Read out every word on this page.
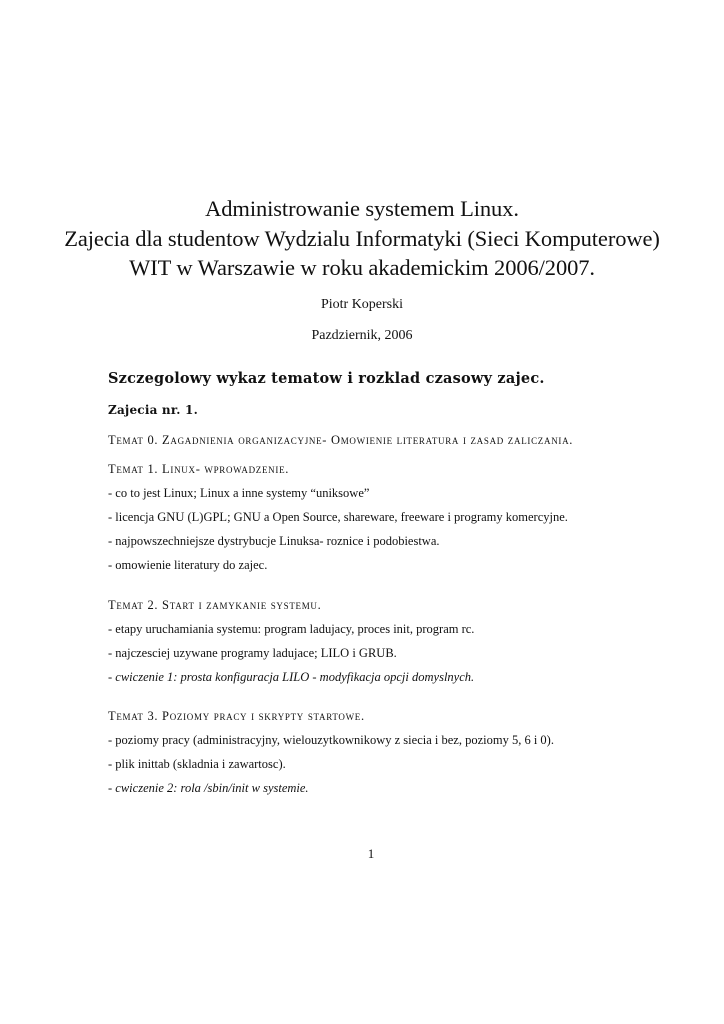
Administrowanie systemem Linux.
Zajecia dla studentow Wydzialu Informatyki (Sieci Komputerowe)
WIT w Warszawie w roku akademickim 2006/2007.
Piotr Koperski
Pazdziernik, 2006
Szczegolowy wykaz tematow i rozklad czasowy zajec.
Zajecia nr. 1.
Temat 0. Zagadnienia organizacyjne- Omowienie literatura i zasad zaliczania.
Temat 1. Linux- wprowadzenie.
- co to jest Linux; Linux a inne systemy “uniksowe”
- licencja GNU (L)GPL; GNU a Open Source, shareware, freeware i programy komercyjne.
- najpowszechniejsze dystrybucje Linuksa- roznice i podobiestwa.
- omowienie literatury do zajec.
Temat 2. Start i zamykanie systemu.
- etapy uruchamiania systemu: program ladujacy, proces init, program rc.
- najczesciej uzywane programy ladujace; LILO i GRUB.
- cwiczenie 1: prosta konfiguracja LILO - modyfikacja opcji domyslnych.
Temat 3. Poziomy pracy i skrypty startowe.
- poziomy pracy (administracyjny, wielouzytkownikowy z siecia i bez, poziomy 5, 6 i 0).
- plik inittab (skladnia i zawartosc).
- cwiczenie 2: rola /sbin/init w systemie.
1
